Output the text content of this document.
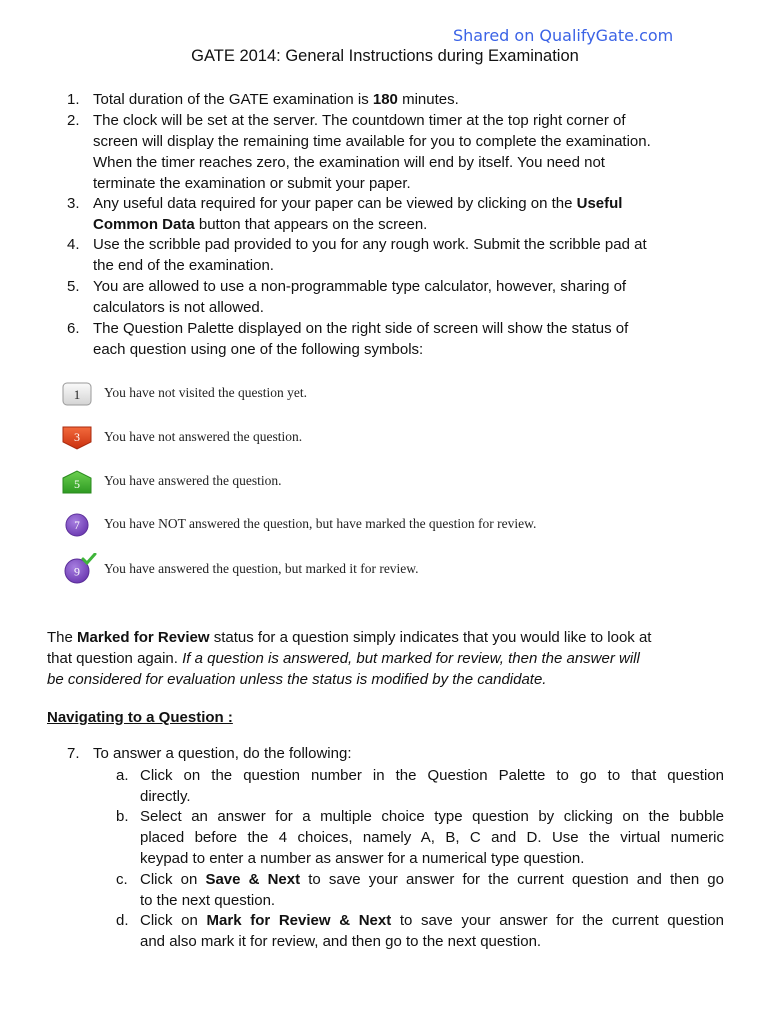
Shared on QualifyGate.com
GATE 2014: General Instructions during Examination
1. Total duration of the GATE examination is 180 minutes.
2. The clock will be set at the server. The countdown timer at the top right corner of
screen will display the remaining time available for you to complete the examination.
When the timer reaches zero, the examination will end by itself. You need not
terminate the examination or submit your paper.
3. Any useful data required for your paper can be viewed by clicking on the Useful
Common Data button that appears on the screen.
4. Use the scribble pad provided to you for any rough work. Submit the scribble pad at
the end of the examination.
5. You are allowed to use a non-programmable type calculator, however, sharing of
calculators is not allowed.
6. The Question Palette displayed on the right side of screen will show the status of
each question using one of the following symbols:
1 You have not visited the question yet.
3 You have not answered the question.
5 You have answered the question.
7 You have NOT answered the question, but have marked the question for review.
9 You have answered the question, but marked it for review.
The Marked for Review status for a question simply indicates that you would like to look at
that question again. If a question is answered, but marked for review, then the answer will
be considered for evaluation unless the status is modified by the candidate.
Navigating to a Question :
7. To answer a question, do the following:
a. Click on the question number in the Question Palette to go to that question
directly.
b. Select an answer for a multiple choice type question by clicking on the bubble
placed before the 4 choices, namely A, B, C and D. Use the virtual numeric
keypad to enter a number as answer for a numerical type question.
c. Click on Save & Next to save your answer for the current question and then go
to the next question.
d. Click on Mark for Review & Next to save your answer for the current question
and also mark it for review, and then go to the next question.
